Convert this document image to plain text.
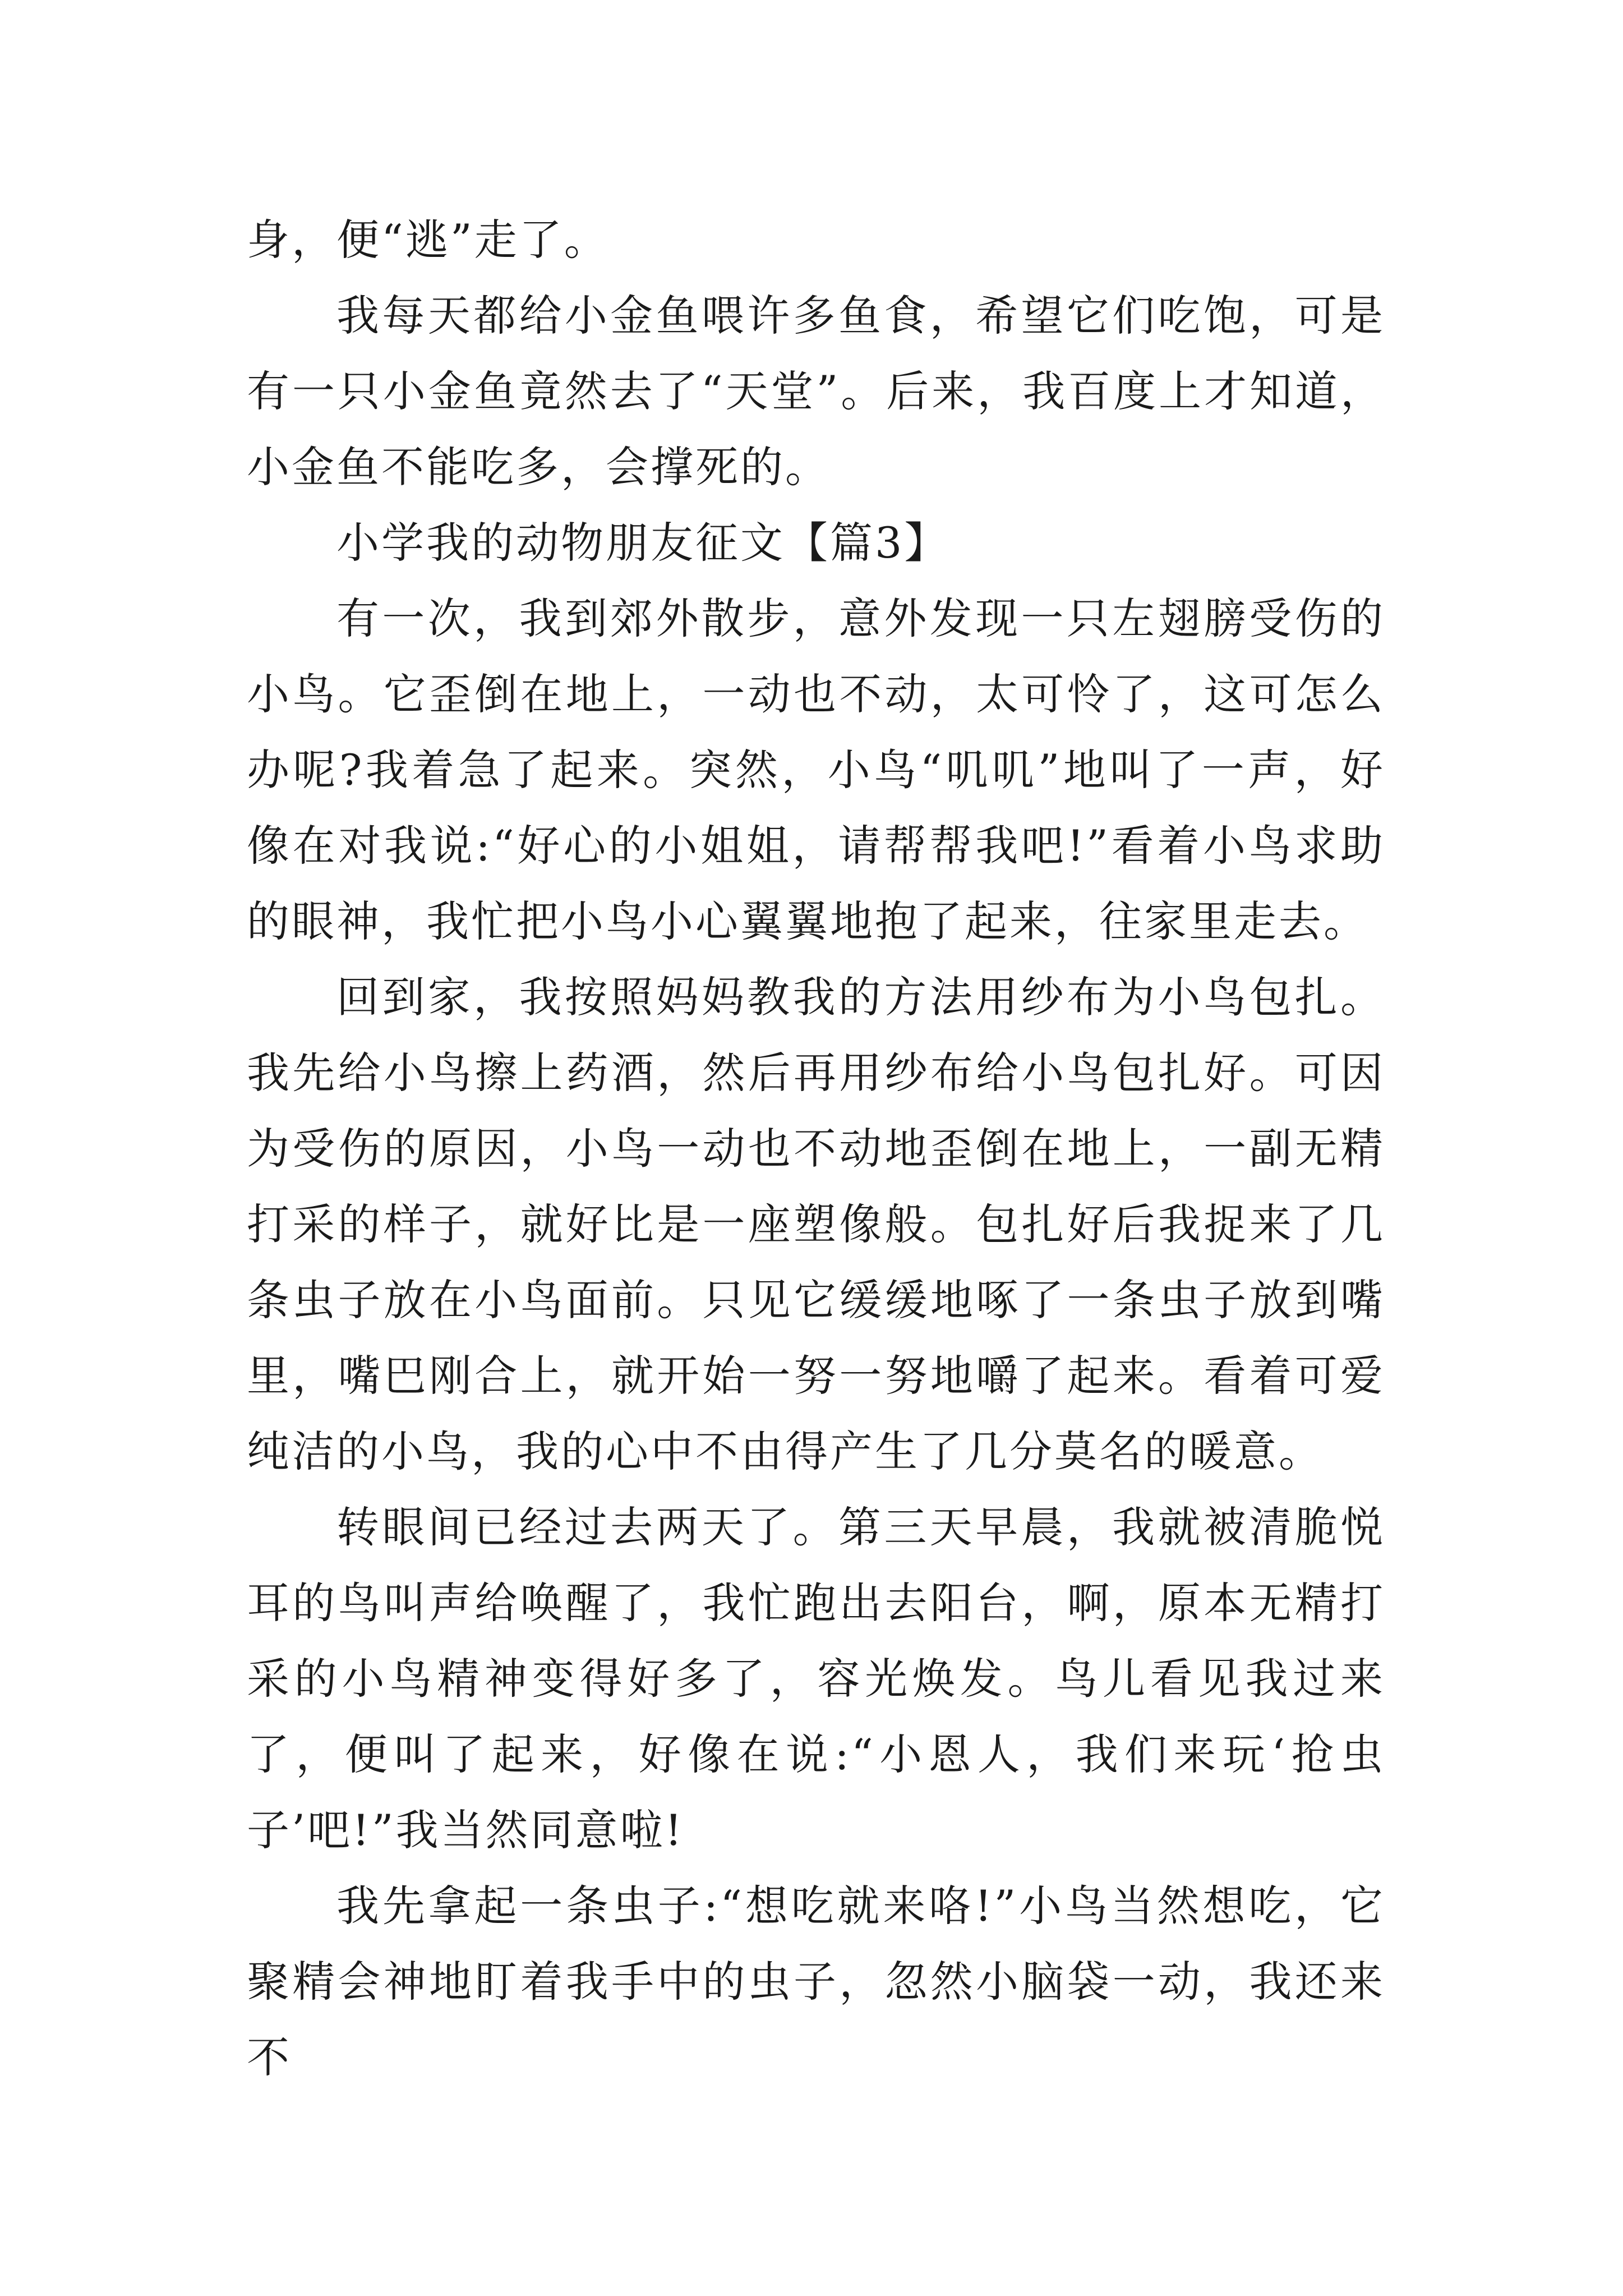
身，便“逃”走了。

我每天都给小金鱼喂许多鱼食，希望它们吃饱，可是有一只小金鱼竟然去了“天堂”。后来，我百度上才知道，小金鱼不能吃多，会撑死的。

小学我的动物朋友征文【篇3】

有一次，我到郊外散步，意外发现一只左翅膀受伤的小鸟。它歪倒在地上，一动也不动，太可怜了，这可怎么办呢?我着急了起来。突然，小鸟“叽叽”地叫了一声，好像在对我说:“好心的小姐姐，请帮帮我吧!”看着小鸟求助的眼神，我忙把小鸟小心翼翼地抱了起来，往家里走去。

回到家，我按照妈妈教我的方法用纱布为小鸟包扎。我先给小鸟擦上药酒，然后再用纱布给小鸟包扎好。可因为受伤的原因，小鸟一动也不动地歪倒在地上，一副无精打采的样子，就好比是一座塑像般。包扎好后我捉来了几条虫子放在小鸟面前。只见它缓缓地啄了一条虫子放到嘴里，嘴巴刚合上，就开始一努一努地嚼了起来。看着可爱纯洁的小鸟，我的心中不由得产生了几分莫名的暖意。

转眼间已经过去两天了。第三天早晨，我就被清脆悦耳的鸟叫声给唤醒了，我忙跑出去阳台，啊，原本无精打采的小鸟精神变得好多了，容光焕发。鸟儿看见我过来了，便叫了起来，好像在说:“小恩人，我们来玩‘抢虫子’吧!”我当然同意啦!

我先拿起一条虫子:“想吃就来咯!”小鸟当然想吃，它聚精会神地盯着我手中的虫子，忽然小脑袋一动，我还来不
